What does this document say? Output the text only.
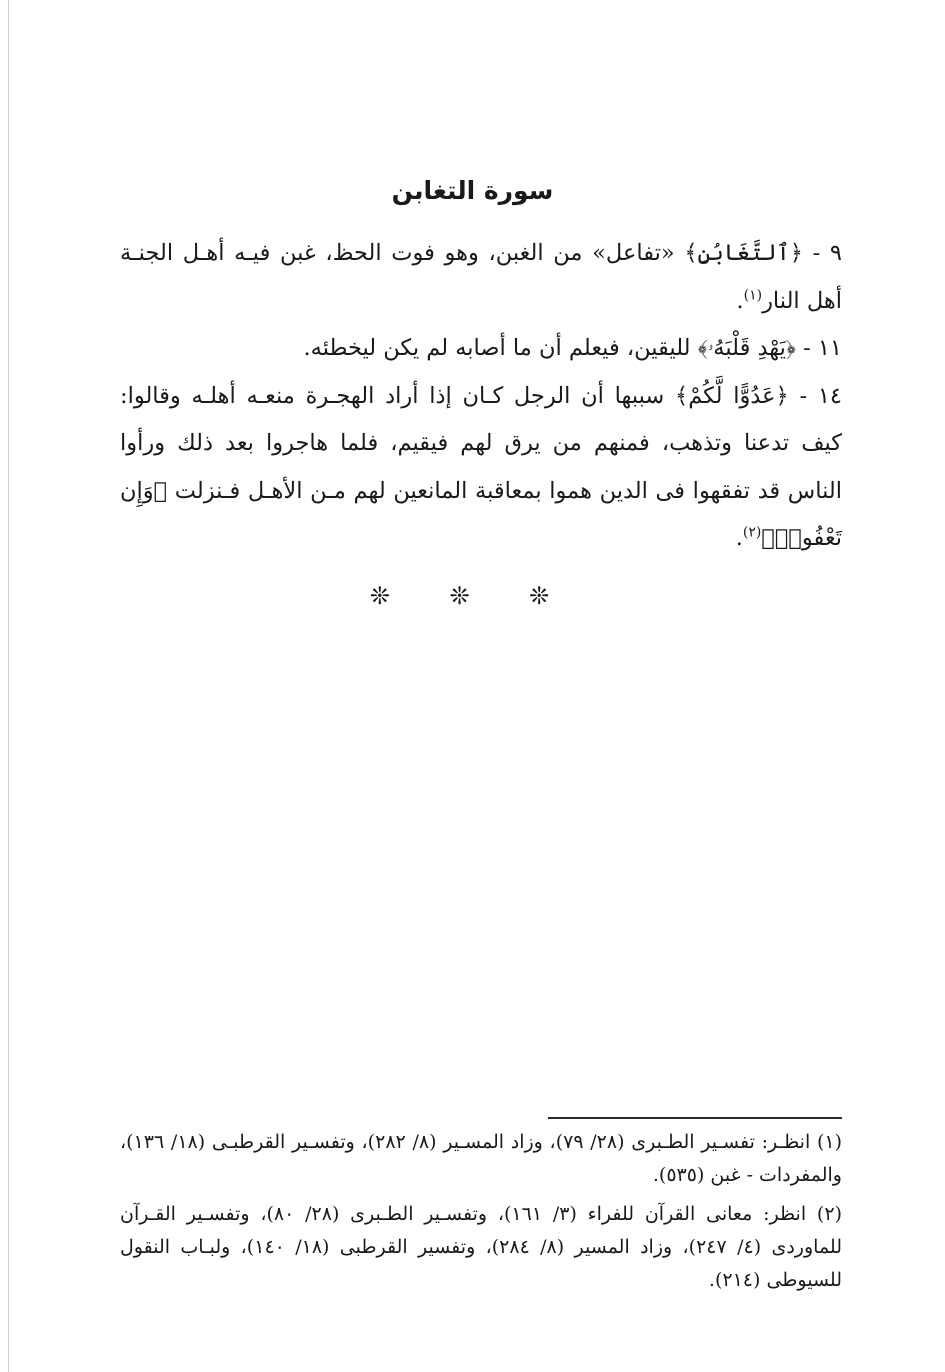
سورة التغابن

٩ - ﴿ٱلتَّغَابُنِ﴾ «تفاعل» من الغبن، وهو فوت الحظ، غبن فيـه أهـل الجنـة أهل النار$^{(١)}$.

١١ - ﴿يَهْدِ قَلْبَهُۥ﴾ لليقين، فيعلم أن ما أصابه لم يكن ليخطئه.

١٤ - ﴿عَدُوًّا لَّكُمْ﴾ سببها أن الرجل كـان إذا أراد الهجـرة منعـه أهلـه وقالوا: كيف تدعنا وتذهب، فمنهم من يرق لهم فيقيم، فلما هاجروا بعد ذلك ورأوا الناس قد تفقهوا فى الدين هموا بمعاقبة المانعين لهم مـن الأهـل فـنزلت ﴿وَإِن تَعْفُوا۟﴾$^{(٢)}$.

❊ ❊ ❊

(١) انظـر: تفسـير الطـبرى (٢٨/ ٧٩)، وزاد المسـير (٨/ ٢٨٢)، وتفسـير القرطبـى (١٨/ ١٣٦)، والمفردات - غبن (٥٣٥).

(٢) انظر: معانى القرآن للفراء (٣/ ١٦١)، وتفسـير الطـبرى (٢٨/ ٨٠)، وتفسـير القـرآن للماوردى (٤/ ٢٤٧)، وزاد المسير (٨/ ٢٨٤)، وتفسير القرطبى (١٨/ ١٤٠)، ولبـاب النقول للسيوطى (٢١٤).
